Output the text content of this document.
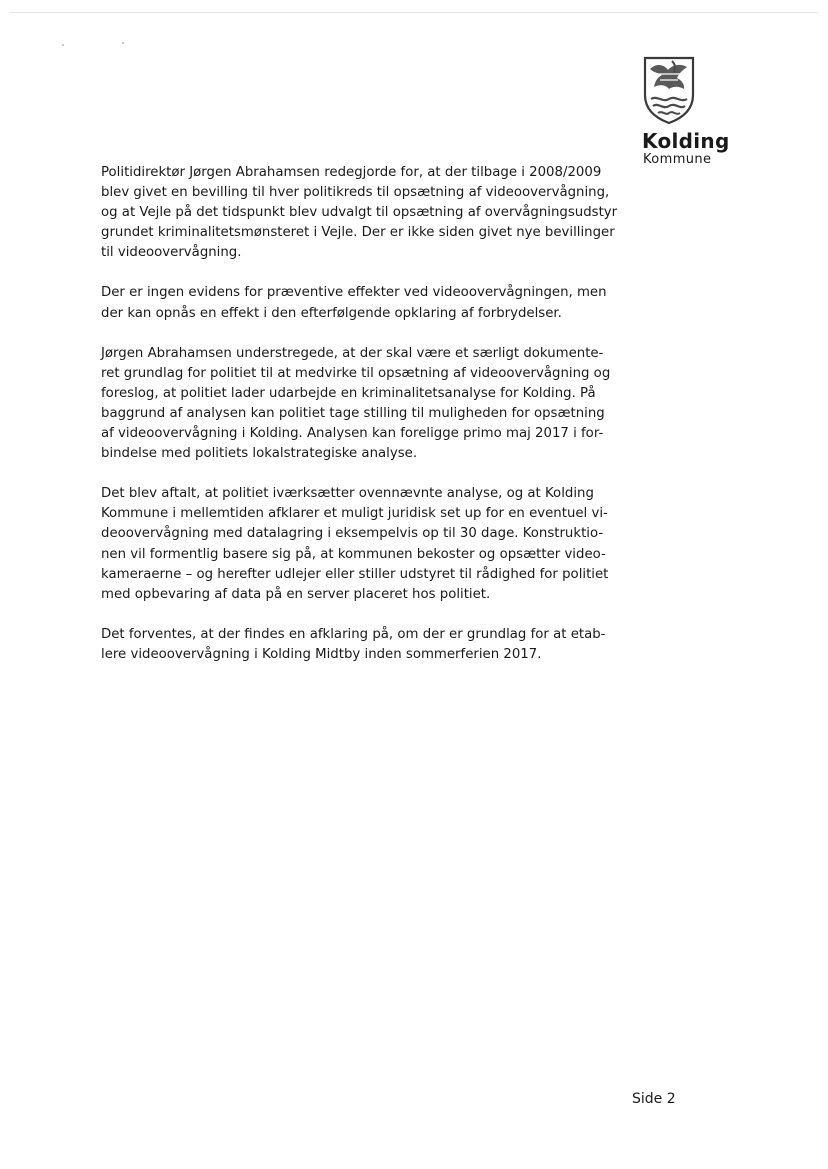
Kolding
Kommune
Politidirektør Jørgen Abrahamsen redegjorde for, at der tilbage i 2008/2009
blev givet en bevilling til hver politikreds til opsætning af videoovervågning,
og at Vejle på det tidspunkt blev udvalgt til opsætning af overvågningsudstyr
grundet kriminalitetsmønsteret i Vejle. Der er ikke siden givet nye bevillinger
til videoovervågning.
Der er ingen evidens for præventive effekter ved videoovervågningen, men
der kan opnås en effekt i den efterfølgende opklaring af forbrydelser.
Jørgen Abrahamsen understregede, at der skal være et særligt dokumente-
ret grundlag for politiet til at medvirke til opsætning af videoovervågning og
foreslog, at politiet lader udarbejde en kriminalitetsanalyse for Kolding. På
baggrund af analysen kan politiet tage stilling til muligheden for opsætning
af videoovervågning i Kolding. Analysen kan foreligge primo maj 2017 i for-
bindelse med politiets lokalstrategiske analyse.
Det blev aftalt, at politiet iværksætter ovennævnte analyse, og at Kolding
Kommune i mellemtiden afklarer et muligt juridisk set up for en eventuel vi-
deoovervågning med datalagring i eksempelvis op til 30 dage. Konstruktio-
nen vil formentlig basere sig på, at kommunen bekoster og opsætter video-
kameraerne – og herefter udlejer eller stiller udstyret til rådighed for politiet
med opbevaring af data på en server placeret hos politiet.
Det forventes, at der findes en afklaring på, om der er grundlag for at etab-
lere videoovervågning i Kolding Midtby inden sommerferien 2017.
Side 2
